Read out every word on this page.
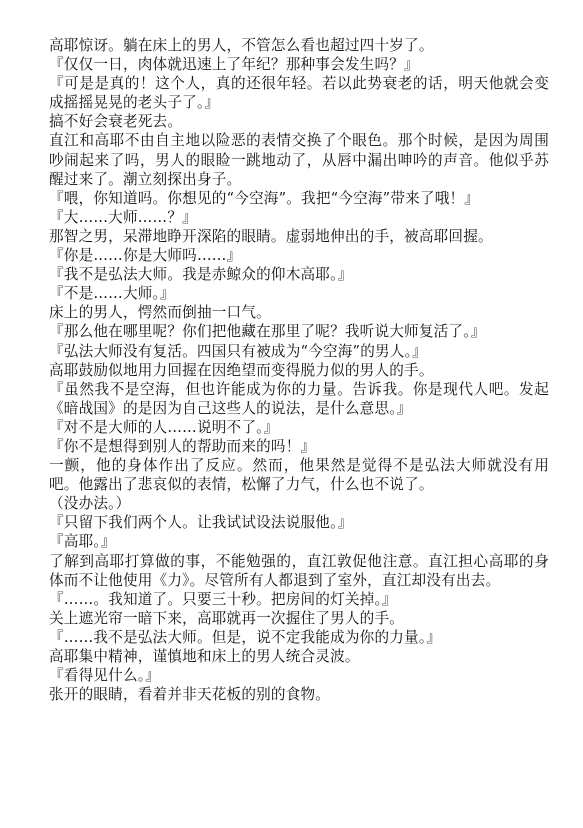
高耶惊讶。躺在床上的男人，不管怎么看也超过四十岁了。

『仅仅一日，肉体就迅速上了年纪？那种事会发生吗？』

『可是是真的！这个人，真的还很年轻。若以此势衰老的话，明天他就会变成摇摇晃晃的老头子了。』

搞不好会衰老死去。

直江和高耶不由自主地以险恶的表情交换了个眼色。那个时候，是因为周围吵闹起来了吗，男人的眼睑一跳地动了，从唇中漏出呻吟的声音。他似乎苏醒过来了。潮立刻探出身子。

『喂，你知道吗。你想见的“今空海”。我把“今空海”带来了哦！』

『大……大师……？』

那智之男，呆滞地睁开深陷的眼睛。虚弱地伸出的手，被高耶回握。

『你是……你是大师吗……』

『我不是弘法大师。我是赤鲸众的仰木高耶。』

『不是……大师。』

床上的男人，愕然而倒抽一口气。

『那么他在哪里呢？你们把他藏在那里了呢？我听说大师复活了。』

『弘法大师没有复活。四国只有被成为“今空海”的男人。』

高耶鼓励似地用力回握在因绝望而变得脱力似的男人的手。

『虽然我不是空海，但也许能成为你的力量。告诉我。你是现代人吧。发起《暗战国》的是因为自己这些人的说法，是什么意思。』

『对不是大师的人……说明不了。』

『你不是想得到别人的帮助而来的吗！』

一颤，他的身体作出了反应。然而，他果然是觉得不是弘法大师就没有用吧。他露出了悲哀似的表情，松懈了力气，什么也不说了。

（没办法。）

『只留下我们两个人。让我试试设法说服他。』

『高耶。』

了解到高耶打算做的事，不能勉强的，直江敦促他注意。直江担心高耶的身体而不让他使用《力》。尽管所有人都退到了室外，直江却没有出去。

『……。我知道了。只要三十秒。把房间的灯关掉。』

关上遮光帘一暗下来，高耶就再一次握住了男人的手。

『……我不是弘法大师。但是，说不定我能成为你的力量。』

高耶集中精神，谨慎地和床上的男人统合灵波。

『看得见什么。』

张开的眼睛，看着并非天花板的别的食物。
